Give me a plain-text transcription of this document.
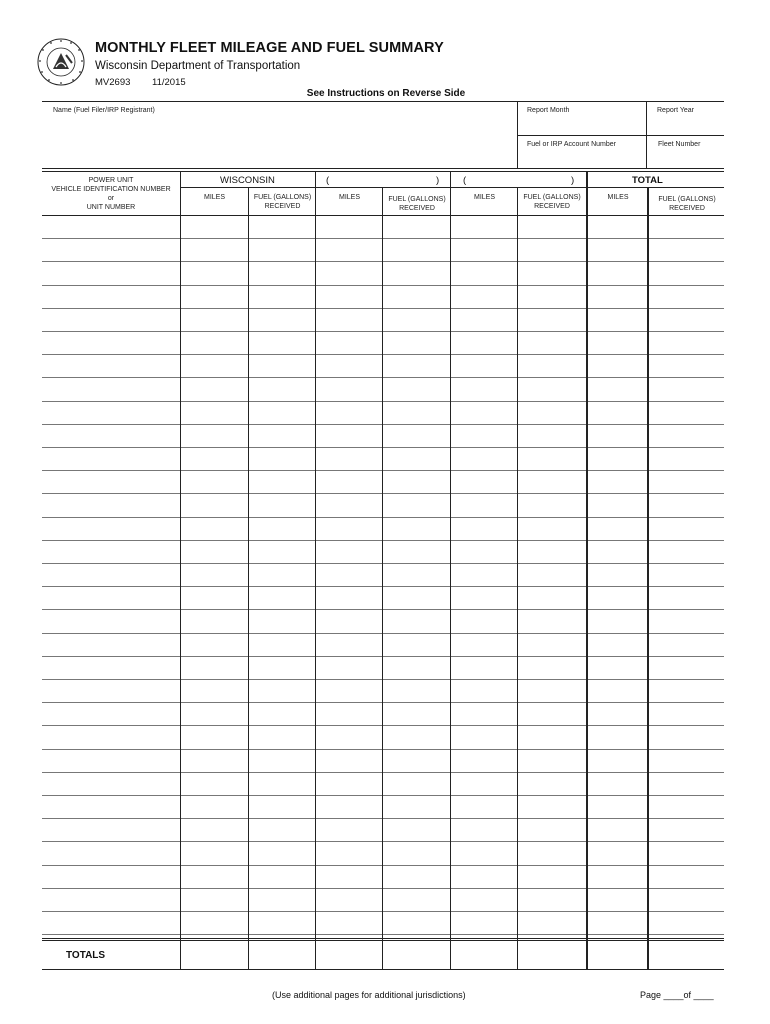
MONTHLY FLEET MILEAGE AND FUEL SUMMARY
Wisconsin Department of Transportation
MV2693 11/2015
See Instructions on Reverse Side
Name (Fuel Filer/IRP Registrant)	Report Month	Report Year
Fuel or IRP Account Number	Fleet Number
POWER UNIT
VEHICLE IDENTIFICATION NUMBER
or
UNIT NUMBER
WISCONSIN	(	)	(	)	TOTAL
MILES	FUEL (GALLONS)
RECEIVED
MILES	FUEL (GALLONS)
RECEIVED
MILES	FUEL (GALLONS)
RECEIVED
MILES	FUEL (GALLONS)
RECEIVED
TOTALS
(Use additional pages for additional jurisdictions)	Page ____of ____
